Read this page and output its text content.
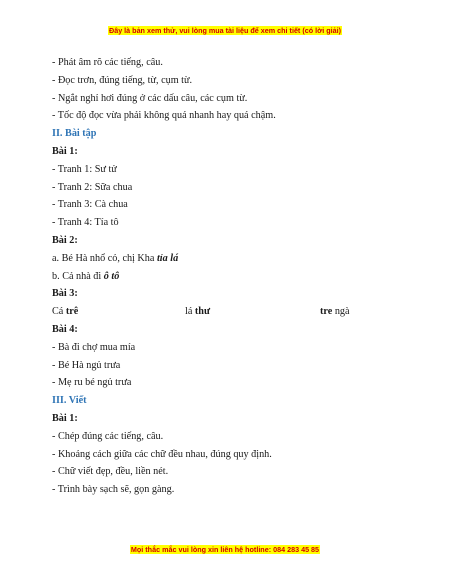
Đây là bản xem thử, vui lòng mua tài liệu để xem chi tiết (có lời giải)
- Phát âm rõ các tiếng, câu.
- Đọc trơn, đúng tiếng, từ, cụm từ.
- Ngắt nghỉ hơi đúng ở các dấu câu, các cụm từ.
- Tốc độ đọc vừa phải không quá nhanh hay quá chậm.
II. Bài tập
Bài 1:
- Tranh 1: Sư tử
- Tranh 2: Sữa chua
- Tranh 3: Cà chua
- Tranh 4: Tía tô
Bài 2:
a. Bé Hà nhổ cỏ, chị Kha tỉa lá
b. Cả nhà đi ô tô
Bài 3:
Cá trê	lá thư	tre ngà
Bài 4:
- Bà đi chợ mua mía
- Bé Hà ngủ trưa
- Mẹ ru bé ngủ trưa
III. Viết
Bài 1:
- Chép đúng các tiếng, câu.
- Khoảng cách giữa các chữ đều nhau, đúng quy định.
- Chữ viết đẹp, đều, liền nét.
- Trình bày sạch sẽ, gọn gàng.
Mọi thắc mắc vui lòng xin liên hệ hotline: 084 283 45 85
